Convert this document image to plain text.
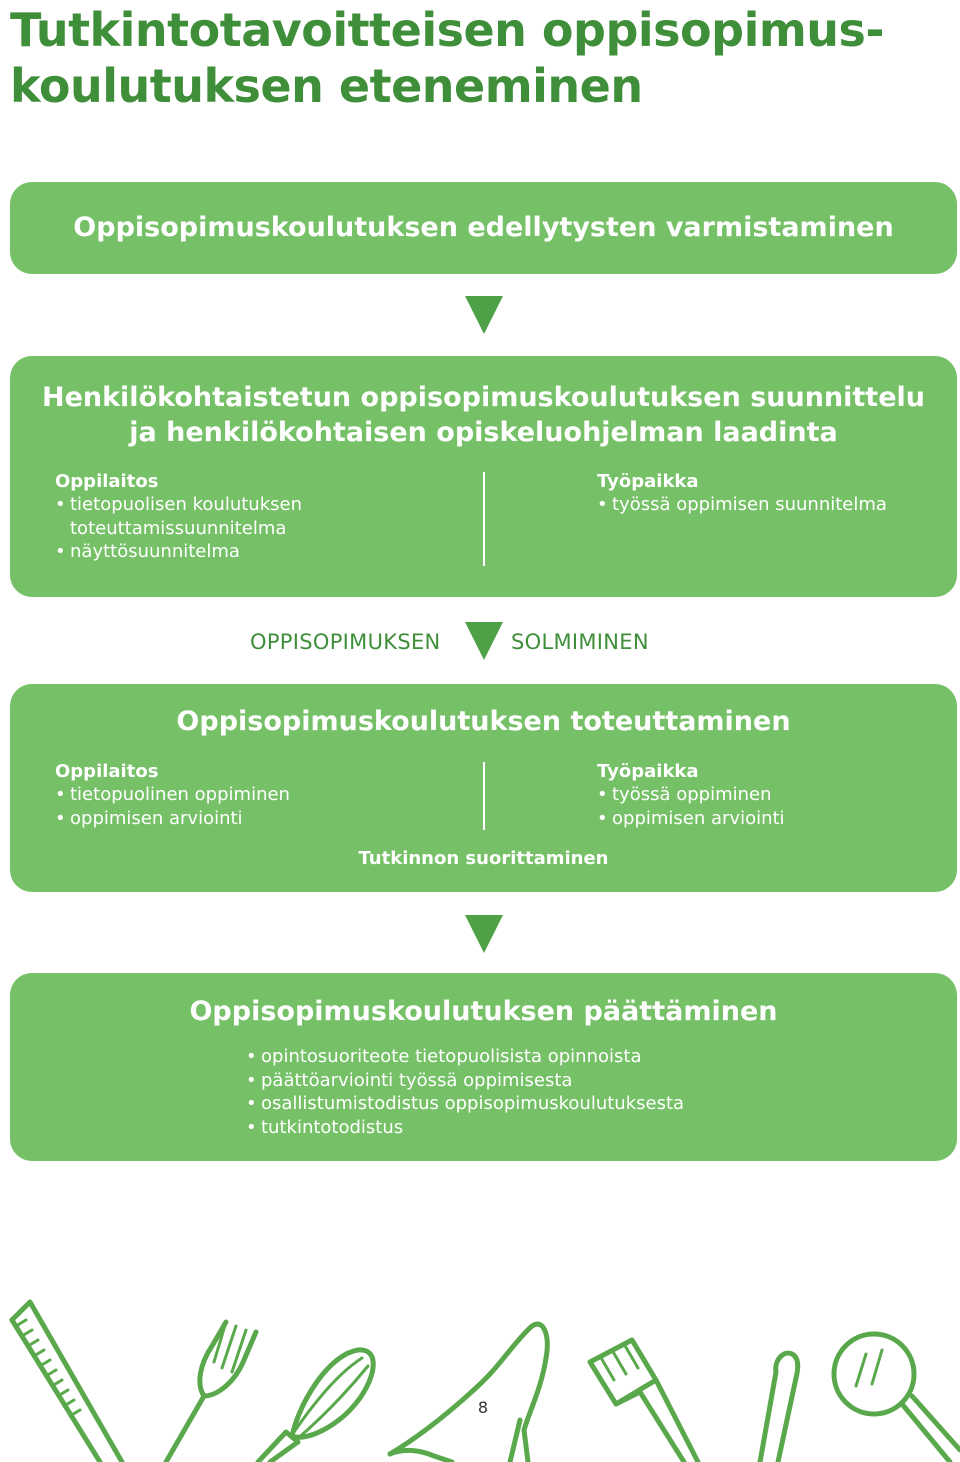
Tutkintotavoitteisen oppisopimus-
koulutuksen eteneminen
Oppisopimuskoulutuksen edellytysten varmistaminen
Henkilökohtaistetun oppisopimuskoulutuksen suunnittelu
ja henkilökohtaisen opiskeluohjelman laadinta
Oppilaitos
• tietopuolisen koulutuksen toteuttamissuunnitelma
• näyttösuunnitelma
Työpaikka
• työssä oppimisen suunnitelma
OPPISOPIMUKSEN	SOLMIMINEN
Oppisopimuskoulutuksen toteuttaminen
Oppilaitos
• tietopuolinen oppiminen
• oppimisen arviointi
Työpaikka
• työssä oppiminen
• oppimisen arviointi
Tutkinnon suorittaminen
Oppisopimuskoulutuksen päättäminen
• opintosuoriteote tietopuolisista opinnoista
• päättöarviointi työssä oppimisesta
• osallistumistodistus oppisopimuskoulutuksesta
• tutkintotodistus
8
